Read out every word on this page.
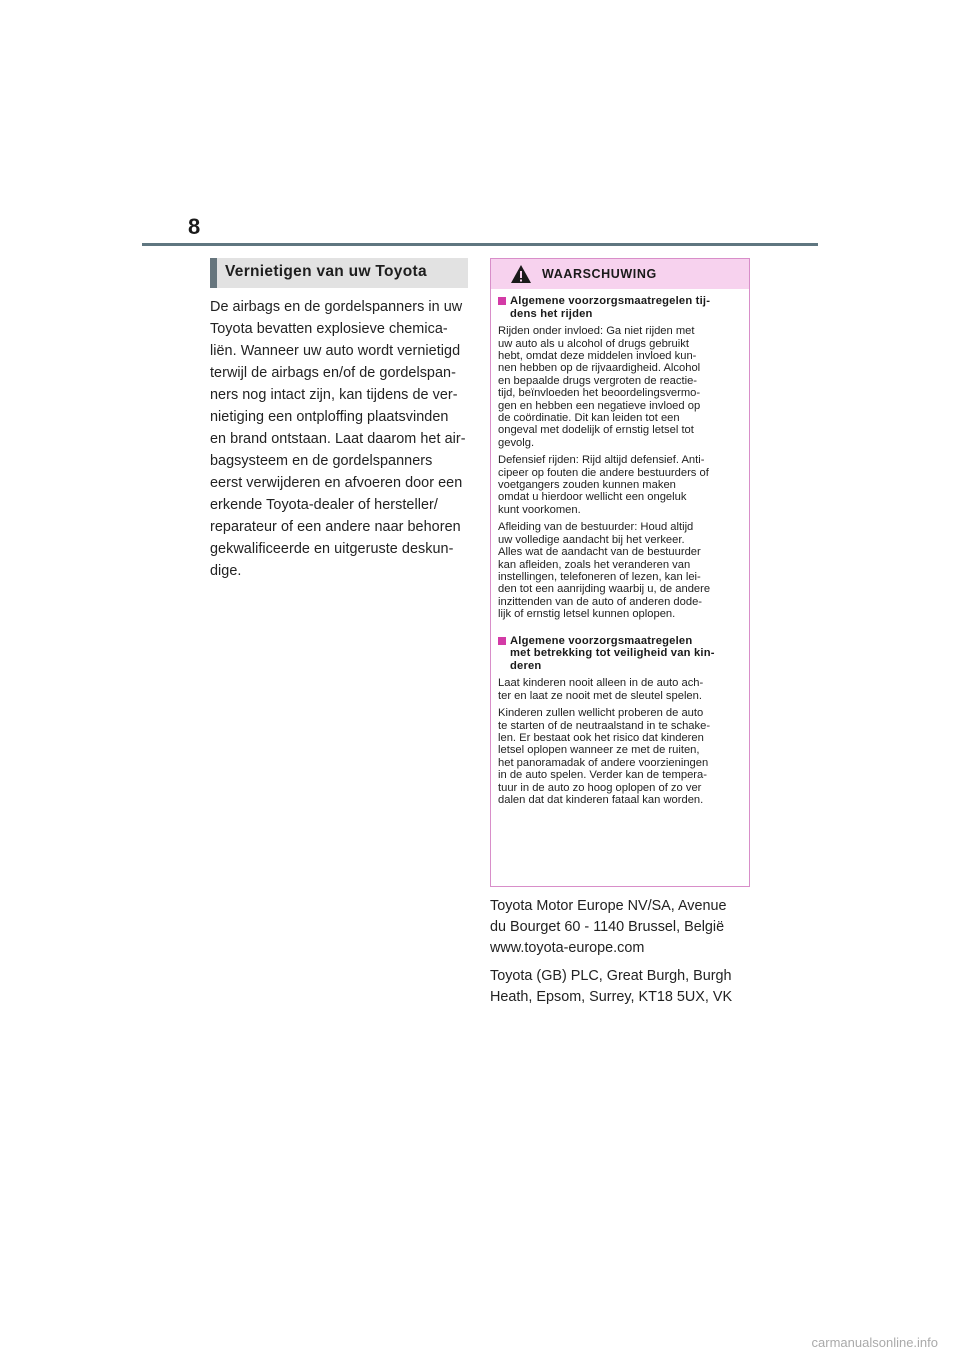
8
Vernietigen van uw Toyota
De airbags en de gordelspanners in uw
Toyota bevatten explosieve chemica-
liën. Wanneer uw auto wordt vernietigd
terwijl de airbags en/of de gordelspan-
ners nog intact zijn, kan tijdens de ver-
nietiging een ontploffing plaatsvinden
en brand ontstaan. Laat daarom het air-
bagsysteem en de gordelspanners
eerst verwijderen en afvoeren door een
erkende Toyota-dealer of hersteller/
reparateur of een andere naar behoren
gekwalificeerde en uitgeruste deskun-
dige.
WAARSCHUWING
Algemene voorzorgsmaatregelen tij-
dens het rijden
Rijden onder invloed: Ga niet rijden met
uw auto als u alcohol of drugs gebruikt
hebt, omdat deze middelen invloed kun-
nen hebben op de rijvaardigheid. Alcohol
en bepaalde drugs vergroten de reactie-
tijd, beïnvloeden het beoordelingsvermo-
gen en hebben een negatieve invloed op
de coördinatie. Dit kan leiden tot een
ongeval met dodelijk of ernstig letsel tot
gevolg.
Defensief rijden: Rijd altijd defensief. Anti-
cipeer op fouten die andere bestuurders of
voetgangers zouden kunnen maken
omdat u hierdoor wellicht een ongeluk
kunt voorkomen.
Afleiding van de bestuurder: Houd altijd
uw volledige aandacht bij het verkeer.
Alles wat de aandacht van de bestuurder
kan afleiden, zoals het veranderen van
instellingen, telefoneren of lezen, kan lei-
den tot een aanrijding waarbij u, de andere
inzittenden van de auto of anderen dode-
lijk of ernstig letsel kunnen oplopen.
Algemene voorzorgsmaatregelen
met betrekking tot veiligheid van kin-
deren
Laat kinderen nooit alleen in de auto ach-
ter en laat ze nooit met de sleutel spelen.
Kinderen zullen wellicht proberen de auto
te starten of de neutraalstand in te schake-
len. Er bestaat ook het risico dat kinderen
letsel oplopen wanneer ze met de ruiten,
het panoramadak of andere voorzieningen
in de auto spelen. Verder kan de tempera-
tuur in de auto zo hoog oplopen of zo ver
dalen dat dat kinderen fataal kan worden.
Toyota Motor Europe NV/SA, Avenue
du Bourget 60 - 1140 Brussel, België
www.toyota-europe.com
Toyota (GB) PLC, Great Burgh, Burgh
Heath, Epsom, Surrey, KT18 5UX, VK
carmanualsonline.info
